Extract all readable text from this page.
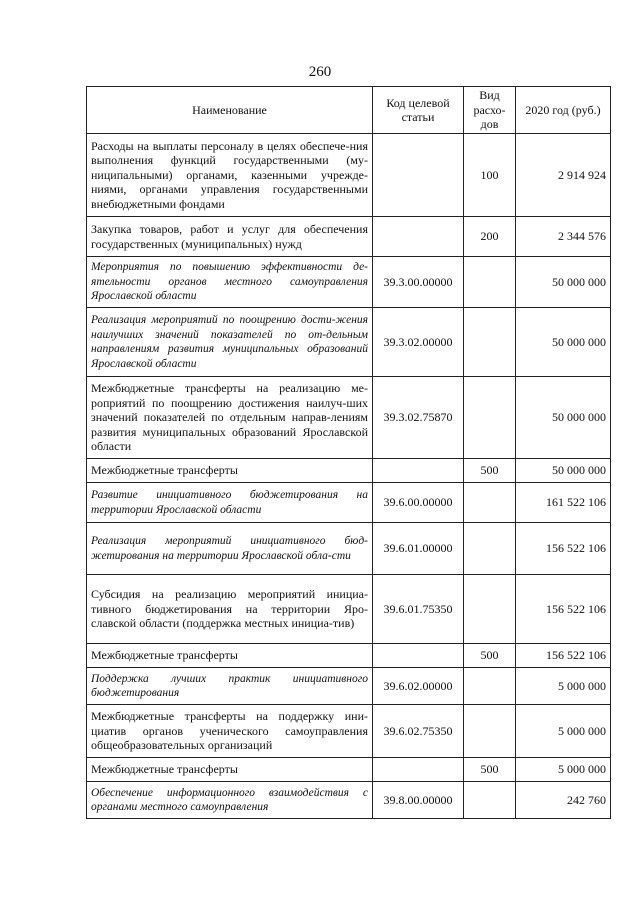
260
Наименование	Код целевой статьи	Вид расхо-дов	2020 год (руб.)
Расходы на выплаты персоналу в целях обеспече-ния выполнения функций государственными (му-ниципальными) органами, казенными учрежде-ниями, органами управления государственными внебюджетными фондами		100	2 914 924
Закупка товаров, работ и услуг для обеспечения государственных (муниципальных) нужд		200	2 344 576
Мероприятия по повышению эффективности де-ятельности органов местного самоуправления Ярославской области	39.3.00.00000		50 000 000
Реализация мероприятий по поощрению дости-жения наилучших значений показателей по от-дельным направлениям развития муниципальных образований Ярославской области	39.3.02.00000		50 000 000
Межбюджетные трансферты на реализацию ме-роприятий по поощрению достижения наилуч-ших значений показателей по отдельным направ-лениям развития муниципальных образований Ярославской области	39.3.02.75870		50 000 000
Межбюджетные трансферты		500	50 000 000
Развитие инициативного бюджетирования на территории Ярославской области	39.6.00.00000		161 522 106
Реализация мероприятий инициативного бюд-жетирования на территории Ярославской обла-сти	39.6.01.00000		156 522 106
Субсидия на реализацию мероприятий инициа-тивного бюджетирования на территории Яро-славской области (поддержка местных инициа-тив)	39.6.01.75350		156 522 106
Межбюджетные трансферты		500	156 522 106
Поддержка лучших практик инициативного бюджетирования	39.6.02.00000		5 000 000
Межбюджетные трансферты на поддержку ини-циатив органов ученического самоуправления общеобразовательных организаций	39.6.02.75350		5 000 000
Межбюджетные трансферты		500	5 000 000
Обеспечение информационного взаимодействия с органами местного самоуправления	39.8.00.00000		242 760
